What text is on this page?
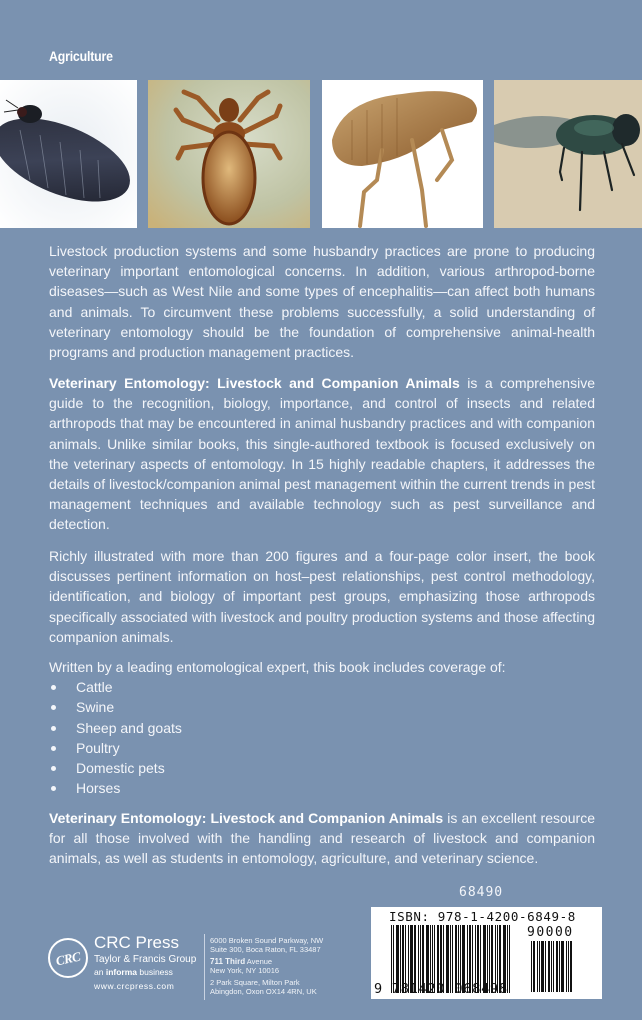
Agriculture

Livestock production systems and some husbandry practices are prone to producing veterinary important entomological concerns. In addition, various arthropod-borne diseases—such as West Nile and some types of encephalitis—can affect both humans and animals. To circumvent these problems successfully, a solid understanding of veterinary entomology should be the foundation of comprehensive animal-health programs and production management practices.

Veterinary Entomology: Livestock and Companion Animals is a comprehensive guide to the recognition, biology, importance, and control of insects and related arthropods that may be encountered in animal husbandry practices and with companion animals. Unlike similar books, this single-authored textbook is focused exclusively on the veterinary aspects of entomology. In 15 highly readable chapters, it addresses the details of livestock/companion animal pest management within the current trends in pest management techniques and available technology such as pest surveillance and detection.

Richly illustrated with more than 200 figures and a four-page color insert, the book discusses pertinent information on host–pest relationships, pest control methodology, identification, and biology of important pest groups, emphasizing those arthropods specifically associated with livestock and poultry production systems and those affecting companion animals.

Written by a leading entomological expert, this book includes coverage of:

Cattle
Swine
Sheep and goats
Poultry
Domestic pets
Horses

Veterinary Entomology: Livestock and Companion Animals is an excellent resource for all those involved with the handling and research of livestock and companion animals, as well as students in entomology, agriculture, and veterinary science.

CRC
CRC Press
Taylor & Francis Group
an informa business
www.crcpress.com
6000 Broken Sound Parkway, NW
Suite 300, Boca Raton, FL 33487
711 Third Avenue
New York, NY 10016
2 Park Square, Milton Park
Abingdon, Oxon OX14 4RN, UK
68490
ISBN: 978-1-4200-6849-8
90000
9 781420 068498
